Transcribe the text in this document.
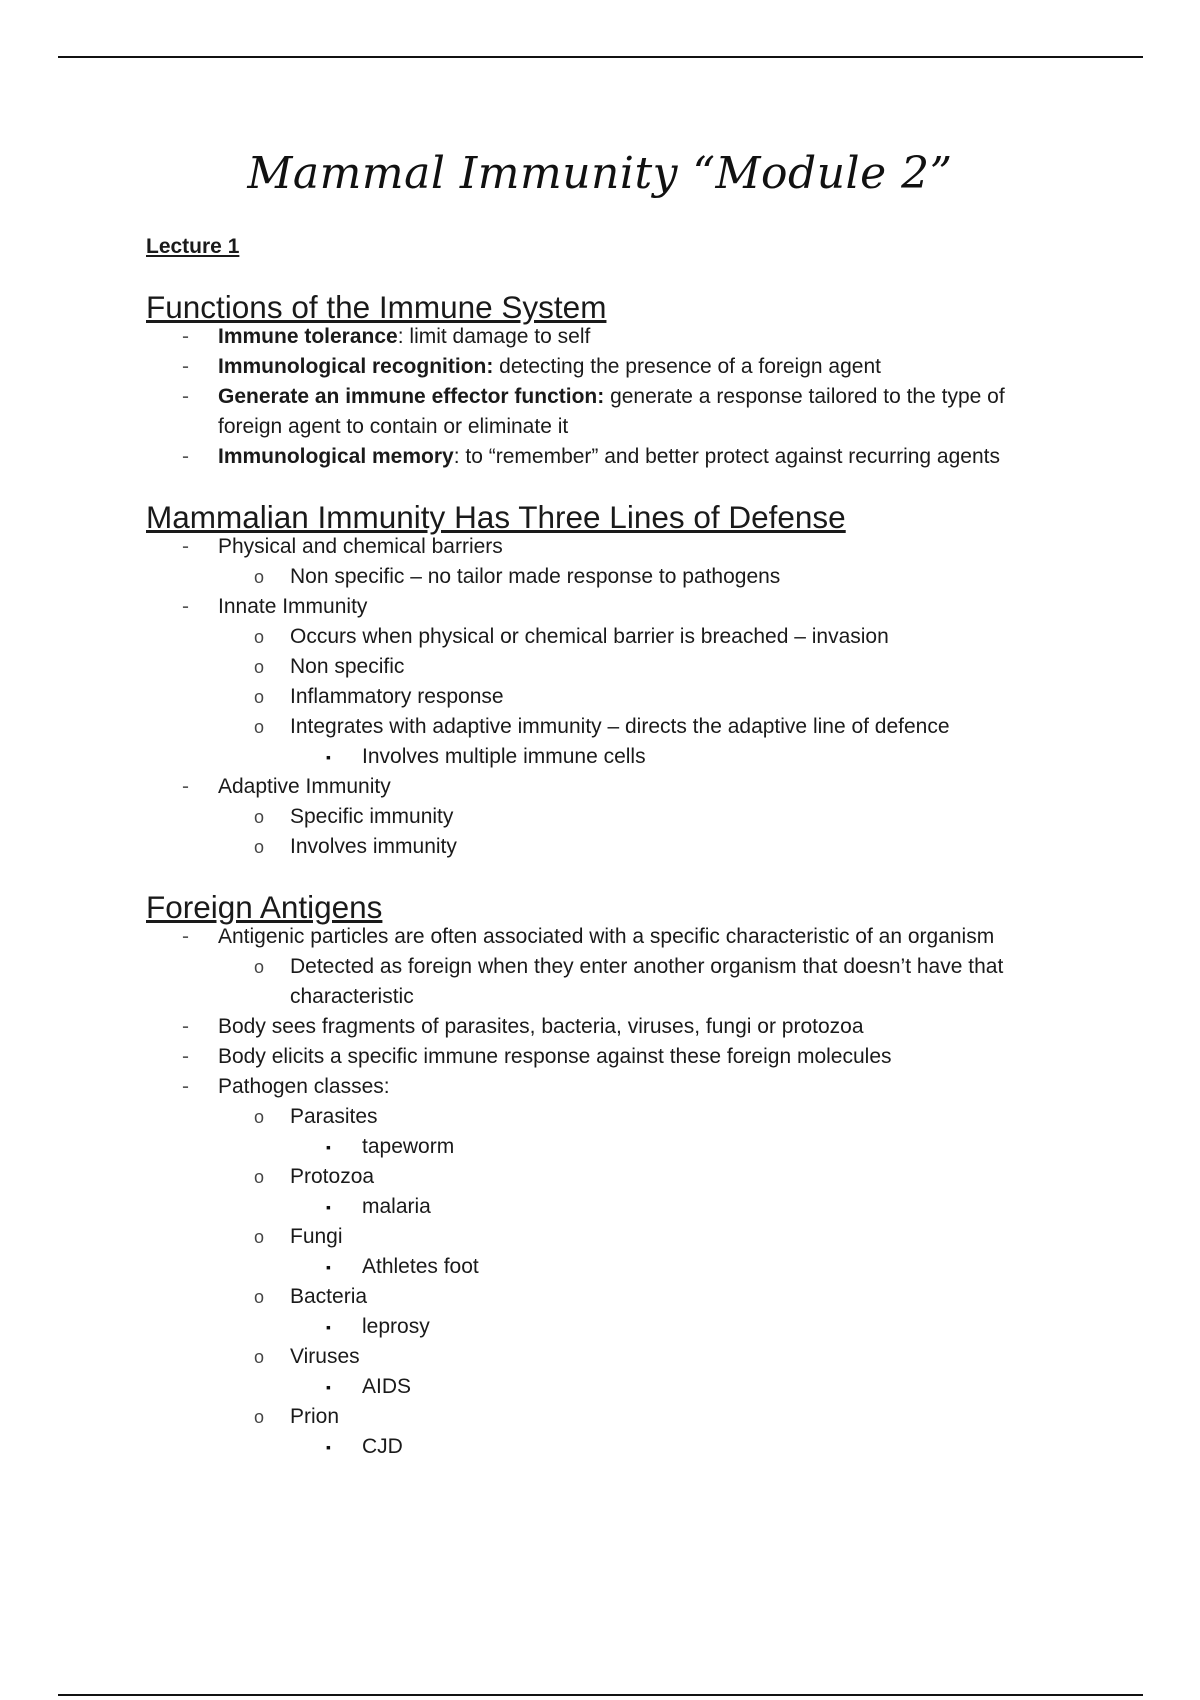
Mammal Immunity “Module 2”

Lecture 1

Functions of the Immune System
-	Immune tolerance: limit damage to self
-	Immunological recognition: detecting the presence of a foreign agent
-	Generate an immune effector function: generate a response tailored to the type of foreign agent to contain or eliminate it
-	Immunological memory: to “remember” and better protect against recurring agents
Mammalian Immunity Has Three Lines of Defense
-	Physical and chemical barriers
o	Non specific – no tailor made response to pathogens
-	Innate Immunity
o	Occurs when physical or chemical barrier is breached – invasion
o	Non specific
o	Inflammatory response
o	Integrates with adaptive immunity – directs the adaptive line of defence
▪	Involves multiple immune cells
-	Adaptive Immunity
o	Specific immunity
o	Involves immunity
Foreign Antigens
-	Antigenic particles are often associated with a specific characteristic of an organism
o	Detected as foreign when they enter another organism that doesn’t have that characteristic
-	Body sees fragments of parasites, bacteria, viruses, fungi or protozoa
-	Body elicits a specific immune response against these foreign molecules
-	Pathogen classes:
o	Parasites
▪	tapeworm
o	Protozoa
▪	malaria
o	Fungi
▪	Athletes foot
o	Bacteria
▪	leprosy
o	Viruses
▪	AIDS
o	Prion
▪	CJD
